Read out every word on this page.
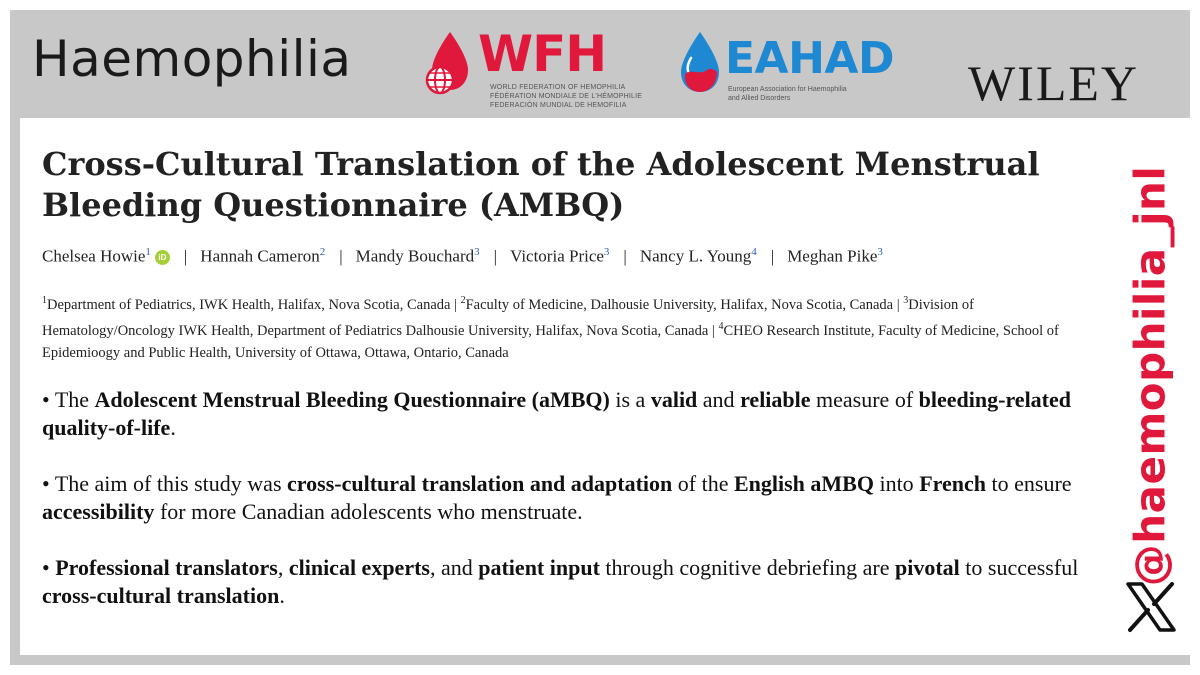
Haemophilia	WFH
WORLD FEDERATION OF HEMOPHILIA
FÉDÉRATION MONDIALE DE L'HÉMOPHILIE
FEDERACIÓN MUNDIAL DE HEMOFILIA
EAHAD
European Association for Haemophilia
and Allied Disorders	WILEY
Cross-Cultural Translation of the Adolescent Menstrual Bleeding Questionnaire (AMBQ)
Chelsea Howie$^1$ iD | Hannah Cameron$^2$ | Mandy Bouchard$^3$ | Victoria Price$^3$ | Nancy L. Young$^4$ | Meghan Pike$^3$
$^1$Department of Pediatrics, IWK Health, Halifax, Nova Scotia, Canada | $^2$Faculty of Medicine, Dalhousie University, Halifax, Nova Scotia, Canada | $^3$Division of Hematology/Oncology IWK Health, Department of Pediatrics Dalhousie University, Halifax, Nova Scotia, Canada | $^4$CHEO Research Institute, Faculty of Medicine, School of Epidemioogy and Public Health, University of Ottawa, Ottawa, Ontario, Canada
• The Adolescent Menstrual Bleeding Questionnaire (aMBQ) is a valid and reliable measure of bleeding-related quality-of-life.
• The aim of this study was cross-cultural translation and adaptation of the English aMBQ into French to ensure accessibility for more Canadian adolescents who menstruate.
• Professional translators, clinical experts, and patient input through cognitive debriefing are pivotal to successful cross-cultural translation.
@haemophilia_jnl
